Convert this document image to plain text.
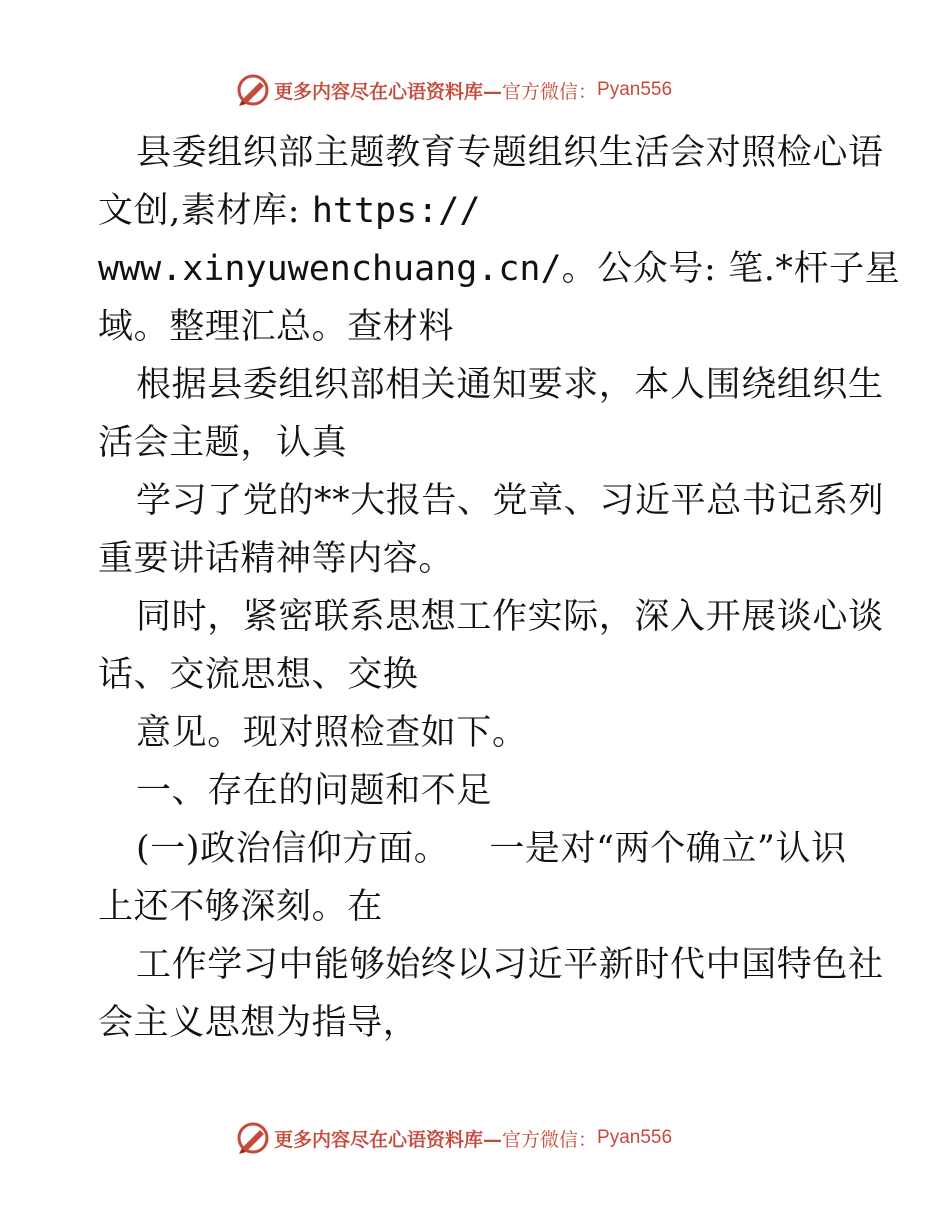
更多内容尽在心语资料库— 官方微信： Pyan556
县委组织部主题教育专题组织生活会对照检心语
文创,素材库: https://
www.xinyuwenchuang.cn/。公众号: 笔.*杆子星
域。整理汇总。查材料
根据县委组织部相关通知要求，本人围绕组织生
活会主题，认真
学习了党的**大报告、党章、习近平总书记系列
重要讲话精神等内容。
同时，紧密联系思想工作实际，深入开展谈心谈
话、交流思想、交换
意见。现对照检查如下。
一、存在的问题和不足
(一)政治信仰方面。 一是对“两个确立”认识
上还不够深刻。在
工作学习中能够始终以习近平新时代中国特色社
会主义思想为指导，
更多内容尽在心语资料库— 官方微信： Pyan556
